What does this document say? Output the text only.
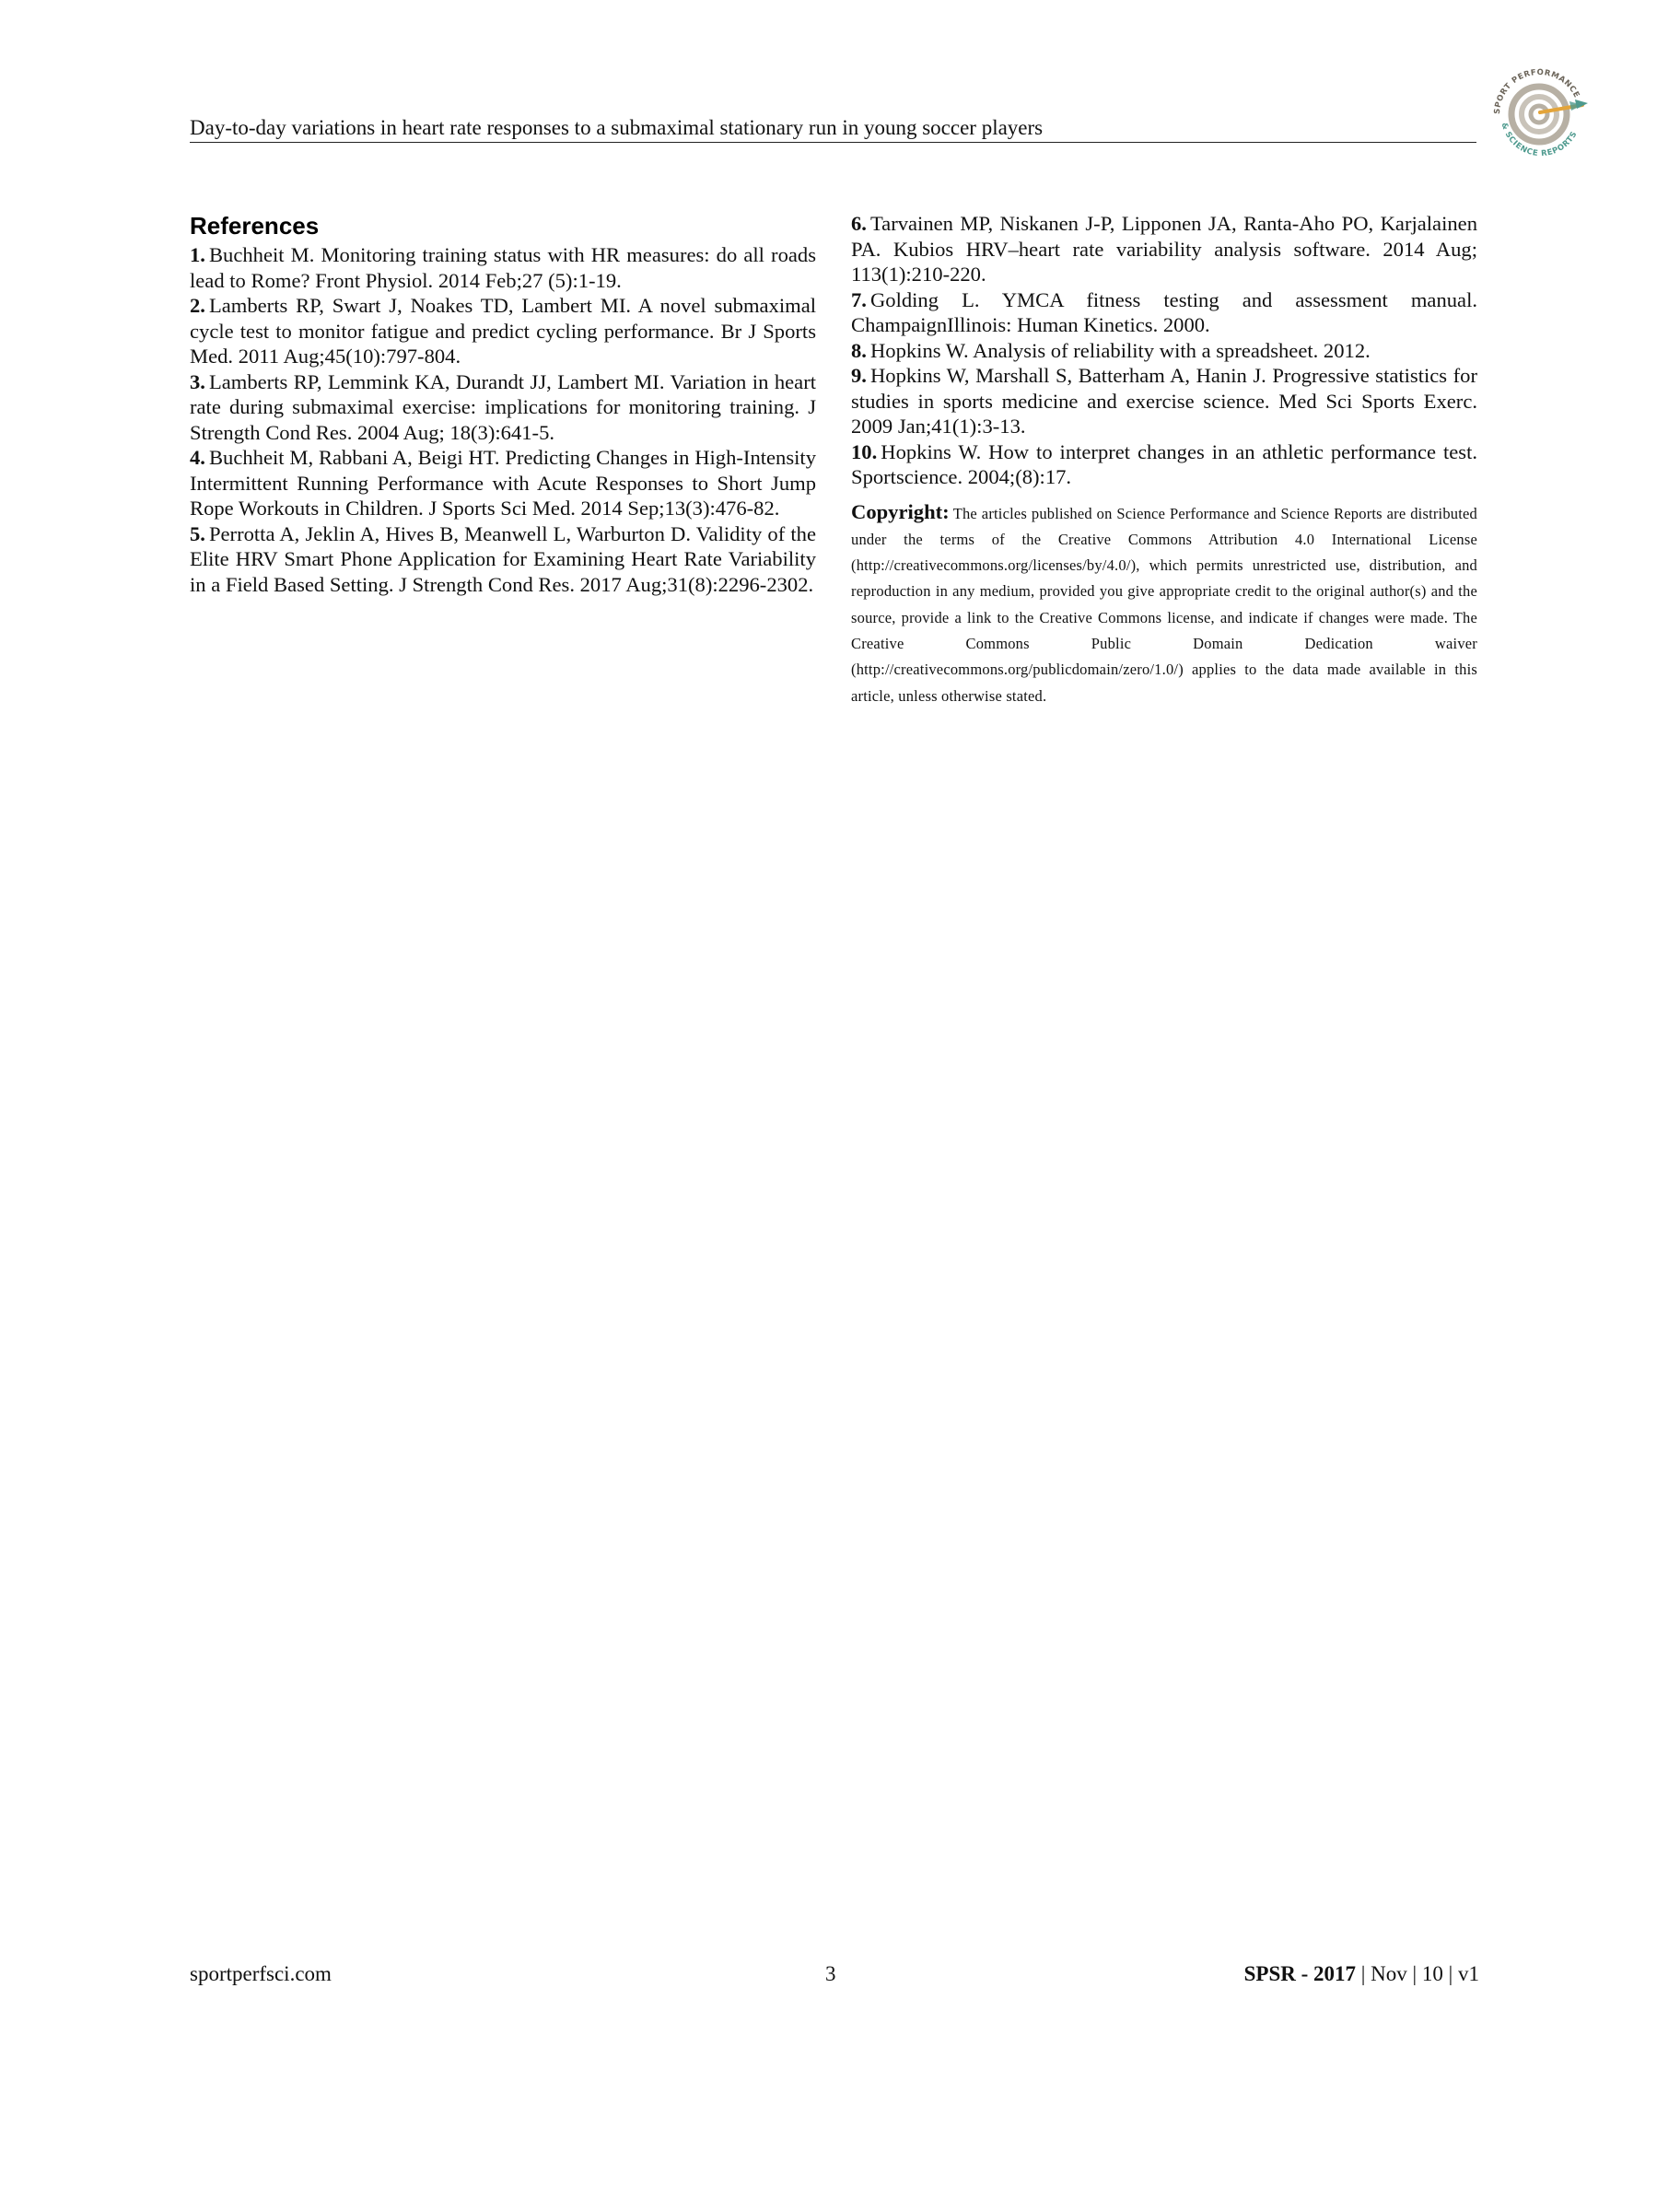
Day-to-day variations in heart rate responses to a submaximal stationary run in young soccer players
SPORT PERFORMANCE
& SCIENCE REPORTS
References

1. Buchheit M. Monitoring training status with HR measures: do all roads lead to Rome? Front Physiol. 2014 Feb;27 (5):1-19.

2. Lamberts RP, Swart J, Noakes TD, Lambert MI. A novel submaximal cycle test to monitor fatigue and predict cycling performance. Br J Sports Med. 2011 Aug;45(10):797-804.

3. Lamberts RP, Lemmink KA, Durandt JJ, Lambert MI. Variation in heart rate during submaximal exercise: implications for monitoring training. J Strength Cond Res. 2004 Aug; 18(3):641-5.

4. Buchheit M, Rabbani A, Beigi HT. Predicting Changes in High-Intensity Intermittent Running Performance with Acute Responses to Short Jump Rope Workouts in Children. J Sports Sci Med. 2014 Sep;13(3):476-82.

5. Perrotta A, Jeklin A, Hives B, Meanwell L, Warburton D. Validity of the Elite HRV Smart Phone Application for Examining Heart Rate Variability in a Field Based Setting. J Strength Cond Res. 2017 Aug;31(8):2296-2302.

6. Tarvainen MP, Niskanen J-P, Lipponen JA, Ranta-Aho PO, Karjalainen PA. Kubios HRV–heart rate variability analysis software. 2014 Aug; 113(1):210-220.

7. Golding L. YMCA fitness testing and assessment manual. ChampaignIllinois: Human Kinetics. 2000.

8. Hopkins W. Analysis of reliability with a spreadsheet. 2012.

9. Hopkins W, Marshall S, Batterham A, Hanin J. Progressive statistics for studies in sports medicine and exercise science. Med Sci Sports Exerc. 2009 Jan;41(1):3-13.

10. Hopkins W. How to interpret changes in an athletic performance test. Sportscience. 2004;(8):17.

Copyright: The articles published on Science Performance and Science Reports are distributed under the terms of the Creative Commons Attribution 4.0 International License (http://creativecommons.org/licenses/by/4.0/), which permits unrestricted use, distribution, and reproduction in any medium, provided you give appropriate credit to the original author(s) and the source, provide a link to the Creative Commons license, and indicate if changes were made. The Creative Commons Public Domain Dedication waiver (http://creativecommons.org/publicdomain/zero/1.0/) applies to the data made available in this article, unless otherwise stated.

sportperfsci.com	3	SPSR - 2017 | Nov | 10 | v1
